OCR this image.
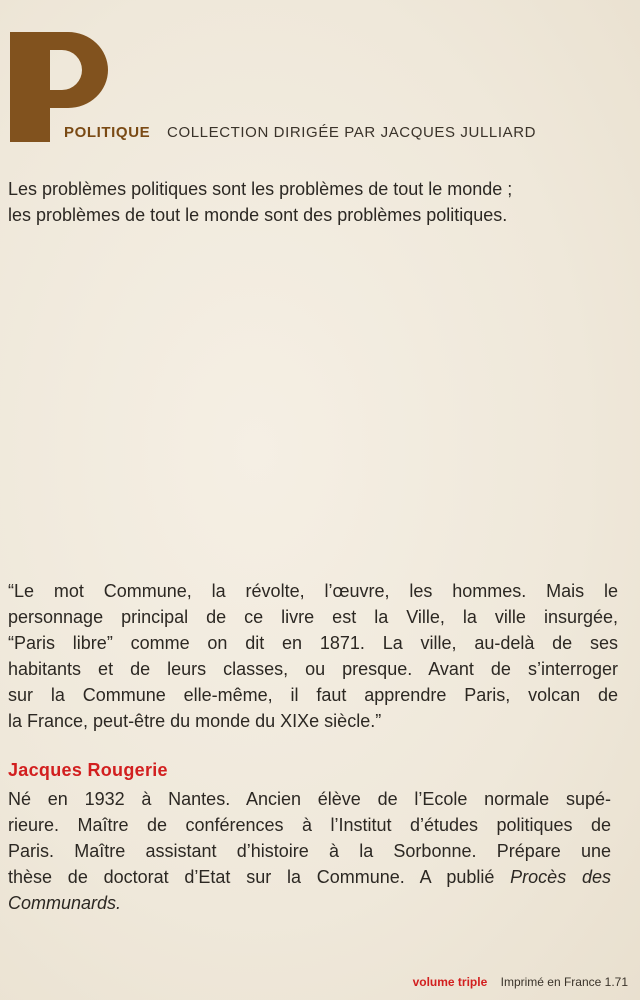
POLITIQUE COLLECTION DIRIGÉE PAR JACQUES JULLIARD
Les problèmes politiques sont les problèmes de tout le monde ;
les problèmes de tout le monde sont des problèmes politiques.
“Le mot Commune, la révolte, l’œuvre, les hommes. Mais le
personnage principal de ce livre est la Ville, la ville insurgée,
“Paris libre” comme on dit en 1871. La ville, au-delà de ses
habitants et de leurs classes, ou presque. Avant de s’interroger
sur la Commune elle-même, il faut apprendre Paris, volcan de
la France, peut-être du monde du XIXe siècle.”
Jacques Rougerie
Né en 1932 à Nantes. Ancien élève de l’Ecole normale supé-
rieure. Maître de conférences à l’Institut d’études politiques de
Paris. Maître assistant d’histoire à la Sorbonne. Prépare une
thèse de doctorat d’Etat sur la Commune. A publié Procès des
Communards.
volume triple Imprimé en France 1.71
